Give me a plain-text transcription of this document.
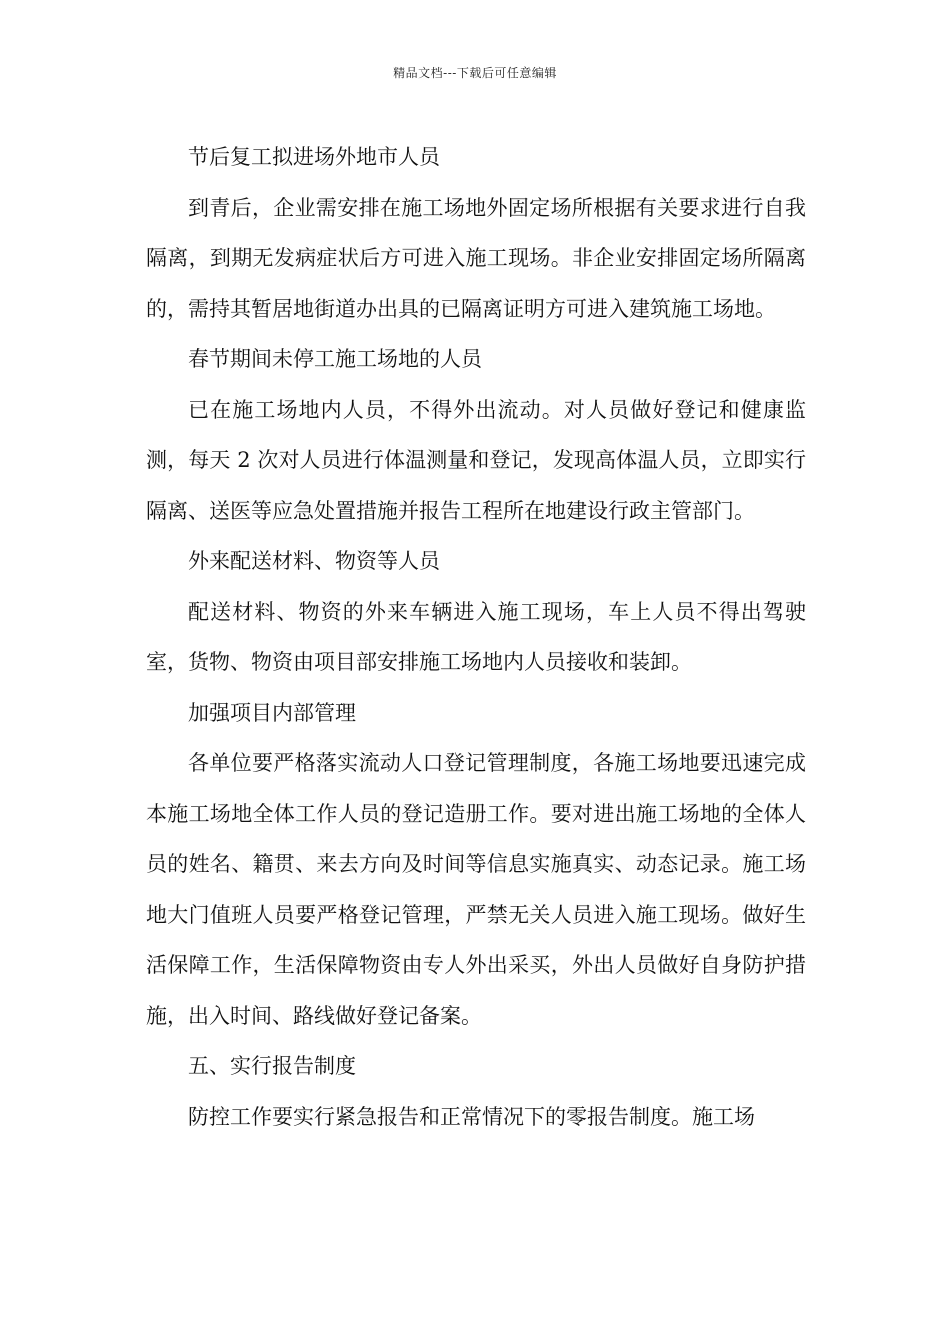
精品文档---下载后可任意编辑

节后复工拟进场外地市人员

到青后，企业需安排在施工场地外固定场所根据有关要求进行自我隔离，到期无发病症状后方可进入施工现场。非企业安排固定场所隔离的，需持其暂居地街道办出具的已隔离证明方可进入建筑施工场地。

春节期间未停工施工场地的人员

已在施工场地内人员，不得外出流动。对人员做好登记和健康监测，每天 2 次对人员进行体温测量和登记，发现高体温人员，立即实行隔离、送医等应急处置措施并报告工程所在地建设行政主管部门。

外来配送材料、物资等人员

配送材料、物资的外来车辆进入施工现场，车上人员不得出驾驶室，货物、物资由项目部安排施工场地内人员接收和装卸。

加强项目内部管理

各单位要严格落实流动人口登记管理制度，各施工场地要迅速完成本施工场地全体工作人员的登记造册工作。要对进出施工场地的全体人员的姓名、籍贯、来去方向及时间等信息实施真实、动态记录。施工场地大门值班人员要严格登记管理，严禁无关人员进入施工现场。做好生活保障工作，生活保障物资由专人外出采买，外出人员做好自身防护措施，出入时间、路线做好登记备案。

五、实行报告制度

防控工作要实行紧急报告和正常情况下的零报告制度。施工场
